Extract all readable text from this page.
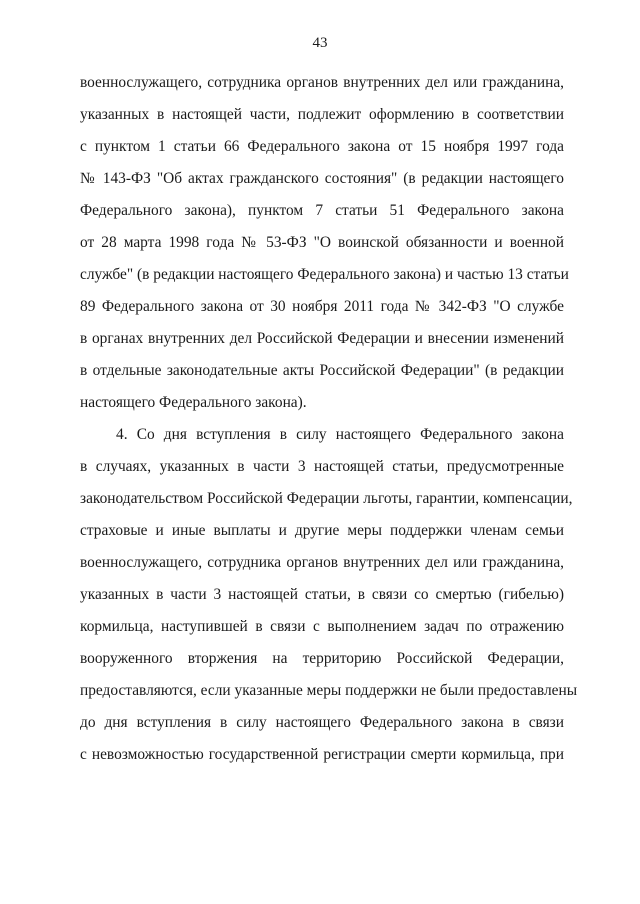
43
военнослужащего, сотрудника органов внутренних дел или гражданина,
указанных в настоящей части, подлежит оформлению в соответствии
с пунктом 1 статьи 66 Федерального закона от 15 ноября 1997 года
№ 143-ФЗ "Об актах гражданского состояния" (в редакции настоящего
Федерального закона), пунктом 7 статьи 51 Федерального закона
от 28 марта 1998 года № 53-ФЗ "О воинской обязанности и военной
службе" (в редакции настоящего Федерального закона) и частью 13 статьи
89 Федерального закона от 30 ноября 2011 года № 342-ФЗ "О службе
в органах внутренних дел Российской Федерации и внесении изменений
в отдельные законодательные акты Российской Федерации" (в редакции
настоящего Федерального закона).
4. Со дня вступления в силу настоящего Федерального закона
в случаях, указанных в части 3 настоящей статьи, предусмотренные
законодательством Российской Федерации льготы, гарантии, компенсации,
страховые и иные выплаты и другие меры поддержки членам семьи
военнослужащего, сотрудника органов внутренних дел или гражданина,
указанных в части 3 настоящей статьи, в связи со смертью (гибелью)
кормильца, наступившей в связи с выполнением задач по отражению
вооруженного вторжения на территорию Российской Федерации,
предоставляются, если указанные меры поддержки не были предоставлены
до дня вступления в силу настоящего Федерального закона в связи
с невозможностью государственной регистрации смерти кормильца, при
